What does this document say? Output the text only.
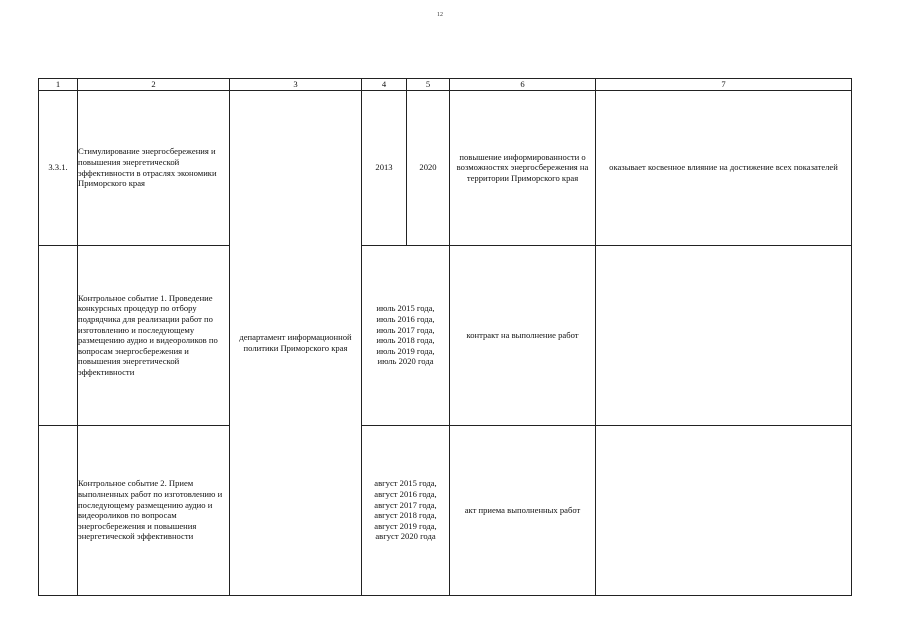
12
1	2	3	4	5	6	7
3.3.1.	Стимулирование энергосбережения и повышения энергетической эффективности в отраслях экономики Приморского края	департамент информационной политики Приморского края	2013	2020	повышение информированности о возможностях энергосбережения на территории Приморского края	оказывает косвенное влияние на достижение всех показателей
	Контрольное событие 1. Проведение конкурсных процедур по отбору подрядчика для реализации работ по изготовлению и последующему размещению аудио и видеороликов по вопросам энергосбережения и повышения энергетической эффективности		июль 2015 года, июль 2016 года, июль 2017 года, июль 2018 года, июль 2019 года, июль 2020 года		контракт на выполнение работ	
	Контрольное событие 2. Прием выполненных работ по изготовлению и последующему размещению аудио и видеороликов по вопросам энергосбережения и повышения энергетической эффективности		август 2015 года, август 2016 года, август 2017 года, август 2018 года, август 2019 года, август 2020 года		акт приема выполненных работ	
